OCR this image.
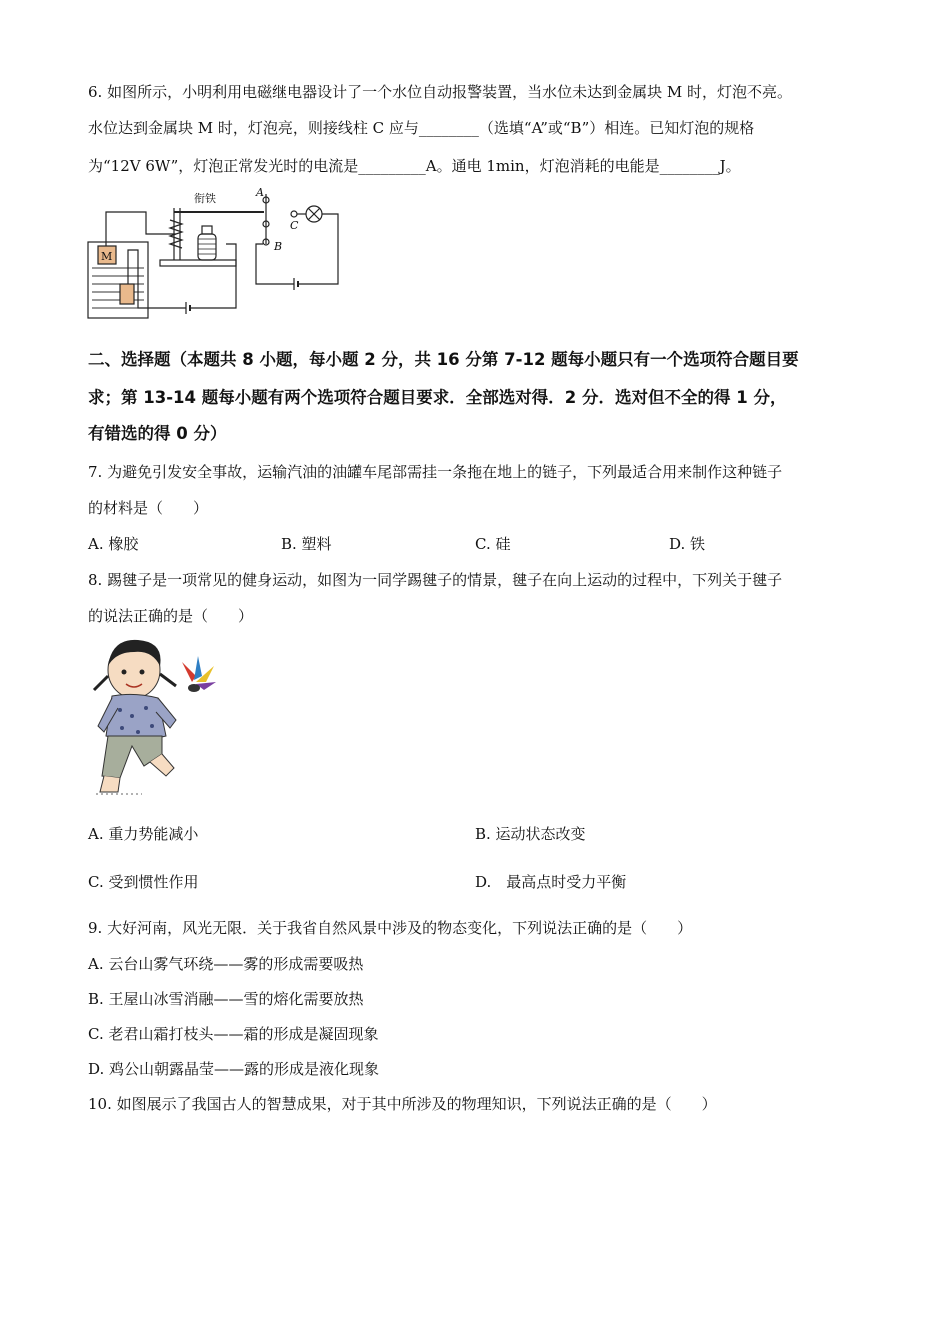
6. 如图所示，小明利用电磁继电器设计了一个水位自动报警装置，当水位未达到金属块 M 时，灯泡不亮。
水位达到金属块 M 时，灯泡亮，则接线柱 C 应与________（选填“A”或“B”）相连。已知灯泡的规格
为“12V 6W”，灯泡正常发光时的电流是_________A。通电 1min，灯泡消耗的电能是________J。
M
衔铁	A
B
C
二、选择题（本题共 8 小题，每小题 2 分，共 16 分第 7-12 题每小题只有一个选项符合题目要
求；第 13-14 题每小题有两个选项符合题目要求．全部选对得．2 分．选对但不全的得 1 分，
有错选的得 0 分）
7. 为避免引发安全事故，运输汽油的油罐车尾部需挂一条拖在地上的链子，下列最适合用来制作这种链子
的材料是（　　）
A. 橡胶	B. 塑料	C. 硅	D. 铁
8. 踢毽子是一项常见的健身运动，如图为一同学踢毽子的情景，毽子在向上运动的过程中，下列关于毽子
的说法正确的是（　　）
A. 重力势能减小	B. 运动状态改变
C. 受到惯性作用	D.　最高点时受力平衡
9. 大好河南，风光无限．关于我省自然风景中涉及的物态变化，下列说法正确的是（　　）
A. 云台山雾气环绕——雾的形成需要吸热
B. 王屋山冰雪消融——雪的熔化需要放热
C. 老君山霜打枝头——霜的形成是凝固现象
D. 鸡公山朝露晶莹——露的形成是液化现象
10. 如图展示了我国古人的智慧成果，对于其中所涉及的物理知识，下列说法正确的是（　　）
